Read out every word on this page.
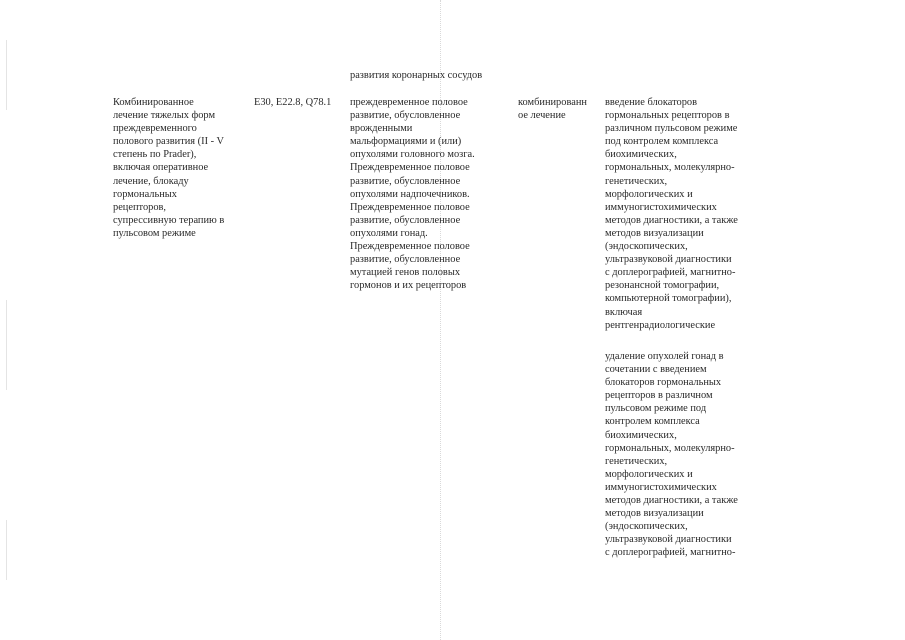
развития коронарных сосудов
Комбинированное
лечение тяжелых форм
преждевременного
полового развития (II - V
степень по Prader),
включая оперативное
лечение, блокаду
гормональных
рецепторов,
супрессивную терапию в
пульсовом режиме
E30, E22.8, Q78.1 преждевременное половое
развитие, обусловленное
врожденными
мальформациями и (или)
опухолями головного мозга.
Преждевременное половое
развитие, обусловленное
опухолями надпочечников.
Преждевременное половое
развитие, обусловленное
опухолями гонад.
Преждевременное половое
развитие, обусловленное
мутацией генов половых
гормонов и их рецепторов
комбинированн
ое лечение
введение блокаторов
гормональных рецепторов в
различном пульсовом режиме
под контролем комплекса
биохимических,
гормональных, молекулярно-
генетических,
морфологических и
иммуногистохимических
методов диагностики, а также
методов визуализации
(эндоскопических,
ультразвуковой диагностики
с доплерографией, магнитно-
резонансной томографии,
компьютерной томографии),
включая
рентгенрадиологические
удаление опухолей гонад в
сочетании с введением
блокаторов гормональных
рецепторов в различном
пульсовом режиме под
контролем комплекса
биохимических,
гормональных, молекулярно-
генетических,
морфологических и
иммуногистохимических
методов диагностики, а также
методов визуализации
(эндоскопических,
ультразвуковой диагностики
с доплерографией, магнитно-
